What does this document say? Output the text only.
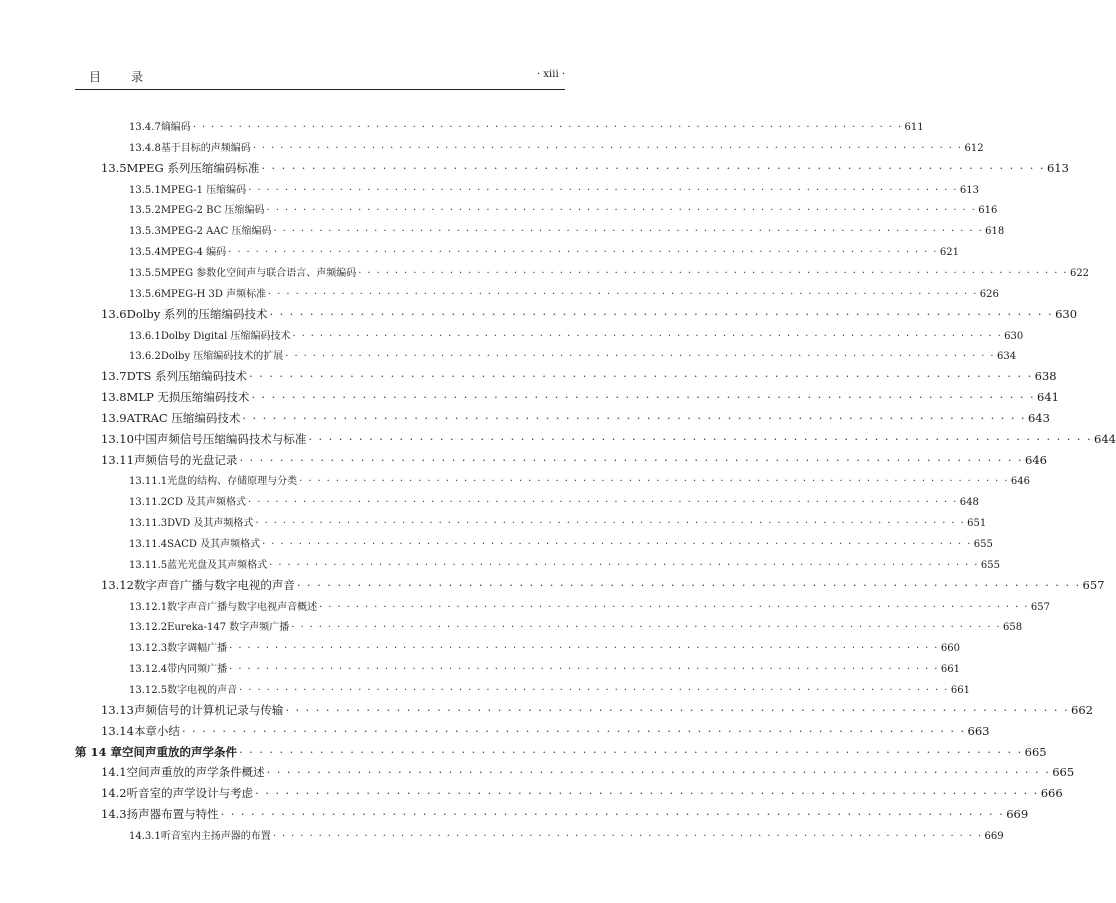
目录	· xiii ·
13.4.7 熵编码 · · · · · · · · · · · · · · · · · · · · · · · · · · · · · · · · · · · · · · · · · · · · · · · · · · · · · · · · · · · · · · · · · · · · · · · · · · · · · · 611
13.4.8 基于目标的声频编码 · · · · · · · · · · · · · · · · · · · · · · · · · · · · · · · · · · · · · · · · · · · · · · · · · · · · · · · · · · · · · · · · · · · · · · · · · · · · · · 612
13.5 MPEG 系列压缩编码标准 · · · · · · · · · · · · · · · · · · · · · · · · · · · · · · · · · · · · · · · · · · · · · · · · · · · · · · · · · · · · · · · · · · · · · · · · · · · · · · 613
13.5.1 MPEG-1 压缩编码 · · · · · · · · · · · · · · · · · · · · · · · · · · · · · · · · · · · · · · · · · · · · · · · · · · · · · · · · · · · · · · · · · · · · · · · · · · · · · · 613
13.5.2 MPEG-2 BC 压缩编码 · · · · · · · · · · · · · · · · · · · · · · · · · · · · · · · · · · · · · · · · · · · · · · · · · · · · · · · · · · · · · · · · · · · · · · · · · · · · · · 616
13.5.3 MPEG-2 AAC 压缩编码 · · · · · · · · · · · · · · · · · · · · · · · · · · · · · · · · · · · · · · · · · · · · · · · · · · · · · · · · · · · · · · · · · · · · · · · · · · · · · · 618
13.5.4 MPEG-4 编码 · · · · · · · · · · · · · · · · · · · · · · · · · · · · · · · · · · · · · · · · · · · · · · · · · · · · · · · · · · · · · · · · · · · · · · · · · · · · · · 621
13.5.5 MPEG 参数化空间声与联合语言、声频编码 · · · · · · · · · · · · · · · · · · · · · · · · · · · · · · · · · · · · · · · · · · · · · · · · · · · · · · · · · · · · · · · · · · · · · · · · · · · · · · 622
13.5.6 MPEG-H 3D 声频标准 · · · · · · · · · · · · · · · · · · · · · · · · · · · · · · · · · · · · · · · · · · · · · · · · · · · · · · · · · · · · · · · · · · · · · · · · · · · · · · 626
13.6 Dolby 系列的压缩编码技术 · · · · · · · · · · · · · · · · · · · · · · · · · · · · · · · · · · · · · · · · · · · · · · · · · · · · · · · · · · · · · · · · · · · · · · · · · · · · · · 630
13.6.1 Dolby Digital 压缩编码技术 · · · · · · · · · · · · · · · · · · · · · · · · · · · · · · · · · · · · · · · · · · · · · · · · · · · · · · · · · · · · · · · · · · · · · · · · · · · · · · 630
13.6.2 Dolby 压缩编码技术的扩展 · · · · · · · · · · · · · · · · · · · · · · · · · · · · · · · · · · · · · · · · · · · · · · · · · · · · · · · · · · · · · · · · · · · · · · · · · · · · · · 634
13.7 DTS 系列压缩编码技术 · · · · · · · · · · · · · · · · · · · · · · · · · · · · · · · · · · · · · · · · · · · · · · · · · · · · · · · · · · · · · · · · · · · · · · · · · · · · · · 638
13.8 MLP 无损压缩编码技术 · · · · · · · · · · · · · · · · · · · · · · · · · · · · · · · · · · · · · · · · · · · · · · · · · · · · · · · · · · · · · · · · · · · · · · · · · · · · · · 641
13.9 ATRAC 压缩编码技术 · · · · · · · · · · · · · · · · · · · · · · · · · · · · · · · · · · · · · · · · · · · · · · · · · · · · · · · · · · · · · · · · · · · · · · · · · · · · · · 643
13.10 中国声频信号压缩编码技术与标准 · · · · · · · · · · · · · · · · · · · · · · · · · · · · · · · · · · · · · · · · · · · · · · · · · · · · · · · · · · · · · · · · · · · · · · · · · · · · · · 644
13.11 声频信号的光盘记录 · · · · · · · · · · · · · · · · · · · · · · · · · · · · · · · · · · · · · · · · · · · · · · · · · · · · · · · · · · · · · · · · · · · · · · · · · · · · · · 646
13.11.1 光盘的结构、存储原理与分类 · · · · · · · · · · · · · · · · · · · · · · · · · · · · · · · · · · · · · · · · · · · · · · · · · · · · · · · · · · · · · · · · · · · · · · · · · · · · · · 646
13.11.2 CD 及其声频格式 · · · · · · · · · · · · · · · · · · · · · · · · · · · · · · · · · · · · · · · · · · · · · · · · · · · · · · · · · · · · · · · · · · · · · · · · · · · · · · 648
13.11.3 DVD 及其声频格式 · · · · · · · · · · · · · · · · · · · · · · · · · · · · · · · · · · · · · · · · · · · · · · · · · · · · · · · · · · · · · · · · · · · · · · · · · · · · · · 651
13.11.4 SACD 及其声频格式 · · · · · · · · · · · · · · · · · · · · · · · · · · · · · · · · · · · · · · · · · · · · · · · · · · · · · · · · · · · · · · · · · · · · · · · · · · · · · · 655
13.11.5 蓝光光盘及其声频格式 · · · · · · · · · · · · · · · · · · · · · · · · · · · · · · · · · · · · · · · · · · · · · · · · · · · · · · · · · · · · · · · · · · · · · · · · · · · · · · 655
13.12 数字声音广播与数字电视的声音 · · · · · · · · · · · · · · · · · · · · · · · · · · · · · · · · · · · · · · · · · · · · · · · · · · · · · · · · · · · · · · · · · · · · · · · · · · · · · · 657
13.12.1 数字声音广播与数字电视声音概述 · · · · · · · · · · · · · · · · · · · · · · · · · · · · · · · · · · · · · · · · · · · · · · · · · · · · · · · · · · · · · · · · · · · · · · · · · · · · · · 657
13.12.2 Eureka-147 数字声频广播 · · · · · · · · · · · · · · · · · · · · · · · · · · · · · · · · · · · · · · · · · · · · · · · · · · · · · · · · · · · · · · · · · · · · · · · · · · · · · · 658
13.12.3 数字调幅广播 · · · · · · · · · · · · · · · · · · · · · · · · · · · · · · · · · · · · · · · · · · · · · · · · · · · · · · · · · · · · · · · · · · · · · · · · · · · · · · 660
13.12.4 带内同频广播 · · · · · · · · · · · · · · · · · · · · · · · · · · · · · · · · · · · · · · · · · · · · · · · · · · · · · · · · · · · · · · · · · · · · · · · · · · · · · · 661
13.12.5 数字电视的声音 · · · · · · · · · · · · · · · · · · · · · · · · · · · · · · · · · · · · · · · · · · · · · · · · · · · · · · · · · · · · · · · · · · · · · · · · · · · · · · 661
13.13 声频信号的计算机记录与传输 · · · · · · · · · · · · · · · · · · · · · · · · · · · · · · · · · · · · · · · · · · · · · · · · · · · · · · · · · · · · · · · · · · · · · · · · · · · · · · 662
13.14 本章小结 · · · · · · · · · · · · · · · · · · · · · · · · · · · · · · · · · · · · · · · · · · · · · · · · · · · · · · · · · · · · · · · · · · · · · · · · · · · · · · 663
第 14 章 空间声重放的声学条件 · · · · · · · · · · · · · · · · · · · · · · · · · · · · · · · · · · · · · · · · · · · · · · · · · · · · · · · · · · · · · · · · · · · · · · · · · · · · · · 665
14.1 空间声重放的声学条件概述 · · · · · · · · · · · · · · · · · · · · · · · · · · · · · · · · · · · · · · · · · · · · · · · · · · · · · · · · · · · · · · · · · · · · · · · · · · · · · · 665
14.2 听音室的声学设计与考虑 · · · · · · · · · · · · · · · · · · · · · · · · · · · · · · · · · · · · · · · · · · · · · · · · · · · · · · · · · · · · · · · · · · · · · · · · · · · · · · 666
14.3 扬声器布置与特性 · · · · · · · · · · · · · · · · · · · · · · · · · · · · · · · · · · · · · · · · · · · · · · · · · · · · · · · · · · · · · · · · · · · · · · · · · · · · · · 669
14.3.1 听音室内主扬声器的布置 · · · · · · · · · · · · · · · · · · · · · · · · · · · · · · · · · · · · · · · · · · · · · · · · · · · · · · · · · · · · · · · · · · · · · · · · · · · · · · 669
